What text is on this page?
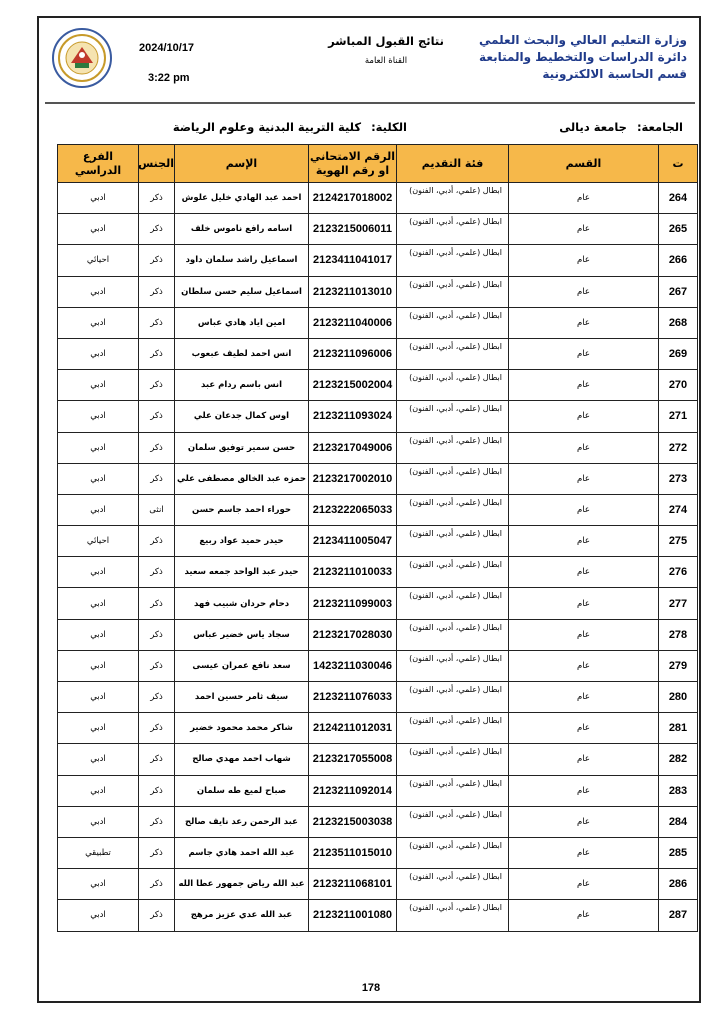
2024/10/17
3:22 pm
نتائج القبول المباشر
القناة العامة
وزارة التعليم العالي والبحث العلمي
دائرة الدراسات والتخطيط والمتابعة
قسم الحاسبة الالكترونية
الجامعة: جامعة ديالى
الكلية: كلية التربية البدنية وعلوم الرياضة
ت	القسم	فئة التقديم	الرقم الامتحاني او رقم الهوية	الإسم	الجنس	الفرع الدراسي
264	عام	ابطال (علمي، أدبي، الفنون)	2124217018002	احمد عبد الهادي خليل علوش	ذكر	ادبي
265	عام	ابطال (علمي، أدبي، الفنون)	2123215006011	اسامه رافع ناموس خلف	ذكر	ادبي
266	عام	ابطال (علمي، أدبي، الفنون)	2123411041017	اسماعيل راشد سلمان داود	ذكر	احيائي
267	عام	ابطال (علمي، أدبي، الفنون)	2123211013010	اسماعيل سليم حسن سلطان	ذكر	ادبي
268	عام	ابطال (علمي، أدبي، الفنون)	2123211040006	امين اياد هادي عباس	ذكر	ادبي
269	عام	ابطال (علمي، أدبي، الفنون)	2123211096006	انس احمد لطيف عبعوب	ذكر	ادبي
270	عام	ابطال (علمي، أدبي، الفنون)	2123215002004	انس باسم ردام عبد	ذكر	ادبي
271	عام	ابطال (علمي، أدبي، الفنون)	2123211093024	اوس كمال جدعان علي	ذكر	ادبي
272	عام	ابطال (علمي، أدبي، الفنون)	2123217049006	حسن سمير توفيق سلمان	ذكر	ادبي
273	عام	ابطال (علمي، أدبي، الفنون)	2123217002010	حمزه عبد الخالق مصطفى علي	ذكر	ادبي
274	عام	ابطال (علمي، أدبي، الفنون)	2123222065033	حوراء احمد جاسم حسن	انثى	ادبي
275	عام	ابطال (علمي، أدبي، الفنون)	2123411005047	حيدر حميد عواد ربيع	ذكر	احيائي
276	عام	ابطال (علمي، أدبي، الفنون)	2123211010033	حيدر عبد الواحد جمعه سعيد	ذكر	ادبي
277	عام	ابطال (علمي، أدبي، الفنون)	2123211099003	دحام حردان شبيب فهد	ذكر	ادبي
278	عام	ابطال (علمي، أدبي، الفنون)	2123217028030	سجاد ياس خضير عباس	ذكر	ادبي
279	عام	ابطال (علمي، أدبي، الفنون)	1423211030046	سعد نافع عمران عيسى	ذكر	ادبي
280	عام	ابطال (علمي، أدبي، الفنون)	2123211076033	سيف ثامر حسين احمد	ذكر	ادبي
281	عام	ابطال (علمي، أدبي، الفنون)	2124211012031	شاكر محمد محمود خضير	ذكر	ادبي
282	عام	ابطال (علمي، أدبي، الفنون)	2123217055008	شهاب احمد مهدي صالح	ذكر	ادبي
283	عام	ابطال (علمي، أدبي، الفنون)	2123211092014	صباح لميع طه سلمان	ذكر	ادبي
284	عام	ابطال (علمي، أدبي، الفنون)	2123215003038	عبد الرحمن رعد نايف صالح	ذكر	ادبي
285	عام	ابطال (علمي، أدبي، الفنون)	2123511015010	عبد الله احمد هادي جاسم	ذكر	تطبيقي
286	عام	ابطال (علمي، أدبي، الفنون)	2123211068101	عبد الله رياض جمهور عطا الله	ذكر	ادبي
287	عام	ابطال (علمي، أدبي، الفنون)	2123211001080	عبد الله عدي عزيز مرهج	ذكر	ادبي
178
